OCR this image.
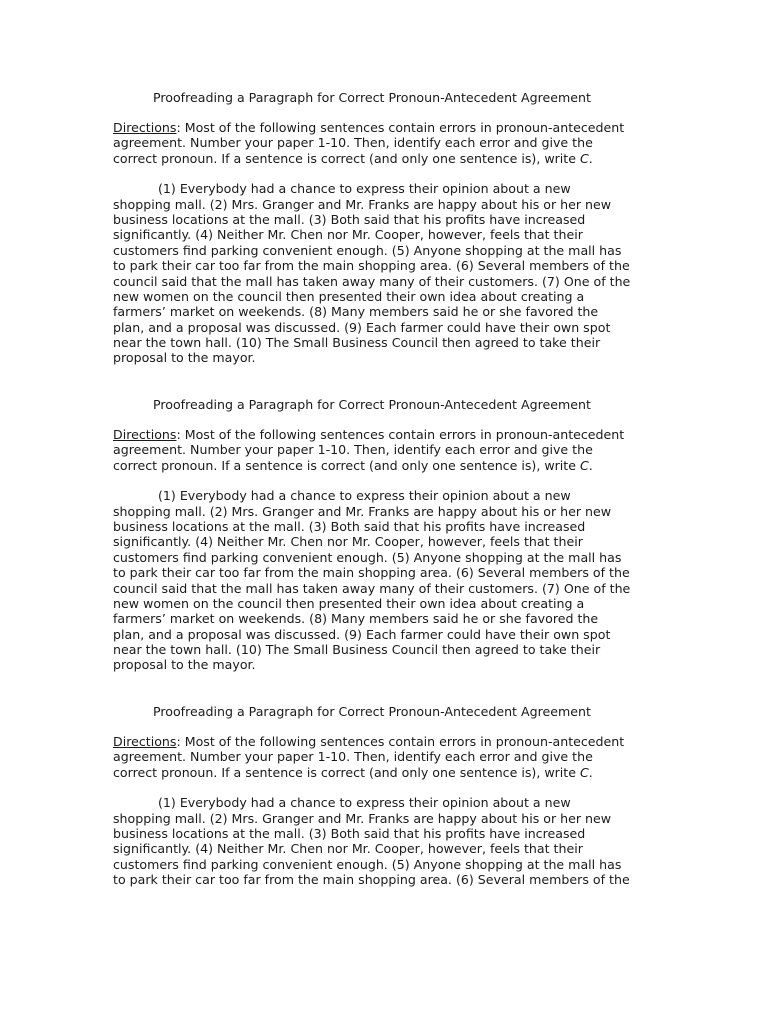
Proofreading a Paragraph for Correct Pronoun-Antecedent Agreement

Directions: Most of the following sentences contain errors in pronoun-antecedent
agreement. Number your paper 1-10. Then, identify each error and give the
correct pronoun. If a sentence is correct (and only one sentence is), write C.

(1) Everybody had a chance to express their opinion about a new
shopping mall. (2) Mrs. Granger and Mr. Franks are happy about his or her new
business locations at the mall. (3) Both said that his profits have increased
significantly. (4) Neither Mr. Chen nor Mr. Cooper, however, feels that their
customers find parking convenient enough. (5) Anyone shopping at the mall has
to park their car too far from the main shopping area. (6) Several members of the
council said that the mall has taken away many of their customers. (7) One of the
new women on the council then presented their own idea about creating a
farmers’ market on weekends. (8) Many members said he or she favored the
plan, and a proposal was discussed. (9) Each farmer could have their own spot
near the town hall. (10) The Small Business Council then agreed to take their
proposal to the mayor.

Proofreading a Paragraph for Correct Pronoun-Antecedent Agreement

Directions: Most of the following sentences contain errors in pronoun-antecedent
agreement. Number your paper 1-10. Then, identify each error and give the
correct pronoun. If a sentence is correct (and only one sentence is), write C.

(1) Everybody had a chance to express their opinion about a new
shopping mall. (2) Mrs. Granger and Mr. Franks are happy about his or her new
business locations at the mall. (3) Both said that his profits have increased
significantly. (4) Neither Mr. Chen nor Mr. Cooper, however, feels that their
customers find parking convenient enough. (5) Anyone shopping at the mall has
to park their car too far from the main shopping area. (6) Several members of the
council said that the mall has taken away many of their customers. (7) One of the
new women on the council then presented their own idea about creating a
farmers’ market on weekends. (8) Many members said he or she favored the
plan, and a proposal was discussed. (9) Each farmer could have their own spot
near the town hall. (10) The Small Business Council then agreed to take their
proposal to the mayor.

Proofreading a Paragraph for Correct Pronoun-Antecedent Agreement

Directions: Most of the following sentences contain errors in pronoun-antecedent
agreement. Number your paper 1-10. Then, identify each error and give the
correct pronoun. If a sentence is correct (and only one sentence is), write C.

(1) Everybody had a chance to express their opinion about a new
shopping mall. (2) Mrs. Granger and Mr. Franks are happy about his or her new
business locations at the mall. (3) Both said that his profits have increased
significantly. (4) Neither Mr. Chen nor Mr. Cooper, however, feels that their
customers find parking convenient enough. (5) Anyone shopping at the mall has
to park their car too far from the main shopping area. (6) Several members of the
